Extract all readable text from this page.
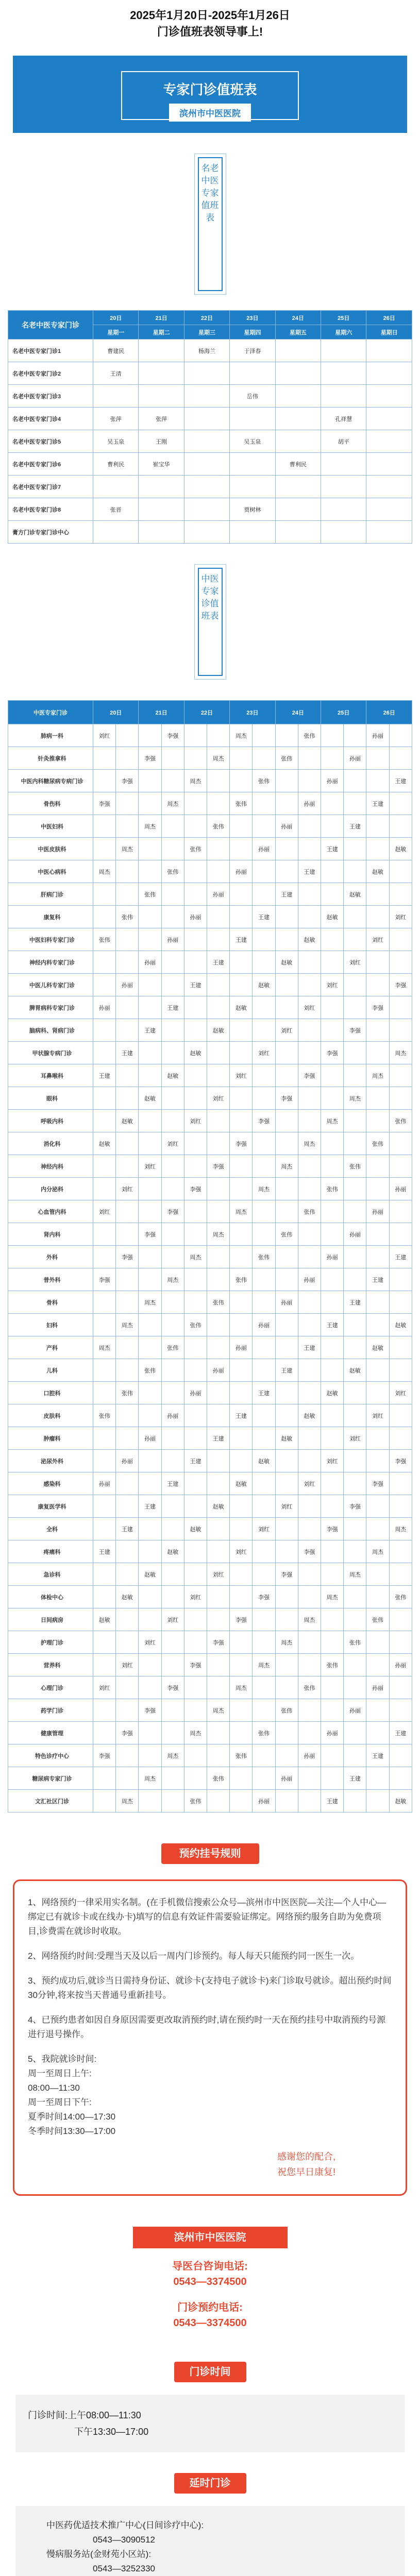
2025年1月20日-2025年1月26日
门诊值班表领导事上!
专家门诊值班表
滨州市中医医院
名老中医专家值班表
名老中医专家门诊	20日	21日	22日	23日	24日	25日	26日
	星期一	星期二	星期三	星期四	星期五	星期六	星期日
名老中医专家门诊1	曹建民		杨海兰	于泽春			
名老中医专家门诊2	王清						
名老中医专家门诊3				岳伟			
名老中医专家门诊4	张萍	张萍				孔祥慧	
名老中医专家门诊5	吴玉泉	王刚		吴玉泉		胡平	
名老中医专家门诊6	曹利民	崔宝华			曹利民		
名老中医专家门诊7							
名老中医专家门诊8	张晋			贾树林			
膏方门诊专家门诊中心							
中医专家诊值班表
中医专家门诊	20日		21日		22日		23日		24日		25日		26日	
肺病一科	刘红			李强			周杰			张伟			孙丽	
针灸推拿科			李强			周杰			张伟			孙丽		
中医内科糖尿病专病门诊		李强			周杰			张伟			孙丽			王建
骨伤科	李强			周杰			张伟			孙丽			王建	
中医妇科			周杰			张伟			孙丽			王建		
中医皮肤科		周杰			张伟			孙丽			王建			赵敏
中医心病科	周杰			张伟			孙丽			王建			赵敏	
肝病门诊			张伟			孙丽			王建			赵敏		
康复科		张伟			孙丽			王建			赵敏			刘红
中医妇科专家门诊	张伟			孙丽			王建			赵敏			刘红	
神经内科专家门诊			孙丽			王建			赵敏			刘红		
中医儿科专家门诊		孙丽			王建			赵敏			刘红			李强
脾胃病科专家门诊	孙丽			王建			赵敏			刘红			李强	
脑病科、肾病门诊			王建			赵敏			刘红			李强		
甲状腺专病门诊		王建			赵敏			刘红			李强			周杰
耳鼻喉科	王建			赵敏			刘红			李强			周杰	
眼科			赵敏			刘红			李强			周杰		
呼吸内科		赵敏			刘红			李强			周杰			张伟
消化科	赵敏			刘红			李强			周杰			张伟	
神经内科			刘红			李强			周杰			张伟		
内分泌科		刘红			李强			周杰			张伟			孙丽
心血管内科	刘红			李强			周杰			张伟			孙丽	
肾内科			李强			周杰			张伟			孙丽		
外科		李强			周杰			张伟			孙丽			王建
普外科	李强			周杰			张伟			孙丽			王建	
骨科			周杰			张伟			孙丽			王建		
妇科		周杰			张伟			孙丽			王建			赵敏
产科	周杰			张伟			孙丽			王建			赵敏	
儿科			张伟			孙丽			王建			赵敏		
口腔科		张伟			孙丽			王建			赵敏			刘红
皮肤科	张伟			孙丽			王建			赵敏			刘红	
肿瘤科			孙丽			王建			赵敏			刘红		
泌尿外科		孙丽			王建			赵敏			刘红			李强
感染科	孙丽			王建			赵敏			刘红			李强	
康复医学科			王建			赵敏			刘红			李强		
全科		王建			赵敏			刘红			李强			周杰
疼痛科	王建			赵敏			刘红			李强			周杰	
急诊科			赵敏			刘红			李强			周杰		
体检中心		赵敏			刘红			李强			周杰			张伟
日间病房	赵敏			刘红			李强			周杰			张伟	
护理门诊			刘红			李强			周杰			张伟		
营养科		刘红			李强			周杰			张伟			孙丽
心理门诊	刘红			李强			周杰			张伟			孙丽	
药学门诊			李强			周杰			张伟			孙丽		
健康管理		李强			周杰			张伟			孙丽			王建
特色诊疗中心	李强			周杰			张伟			孙丽			王建	
糖尿病专家门诊			周杰			张伟			孙丽			王建		
文汇社区门诊		周杰			张伟			孙丽			王建			赵敏
预约挂号规则

1、网络预约一律采用实名制。(在手机微信搜索公众号—滨州市中医医院—关注—个人中心—绑定已有就诊卡或在线办卡)填写的信息有效证件需要验证绑定。网络预约服务自助为免费项目,诊费需在就诊时收取。

2、网络预约时间:受理当天及以后一周内门诊预约。每人每天只能预约同一医生一次。

3、预约成功后,就诊当日需持身份证、就诊卡(支持电子就诊卡)来门诊取号就诊。超出预约时间30分钟,将来按当天普通号重新挂号。

4、已预约患者如因自身原因需要更改取消预约时,请在预约时一天在预约挂号中取消预约号源进行退号操作。

5、我院就诊时间:
周一至周日上午:
08:00—11:30
周一至周日下午:
夏季时间14:00—17:30
冬季时间13:30—17:00
感谢您的配合,
祝您早日康复!
滨州市中医医院
导医台咨询电话:
0543—3374500
门诊预约电话:
0543—3374500
门诊时间
门诊时间:上午08:00—11:30
下午13:30—17:00
延时门诊
中医药优适技术推广中心(日间诊疗中心):
0543—3090512
慢病服务站(金财苑小区站):
0543—3252330
